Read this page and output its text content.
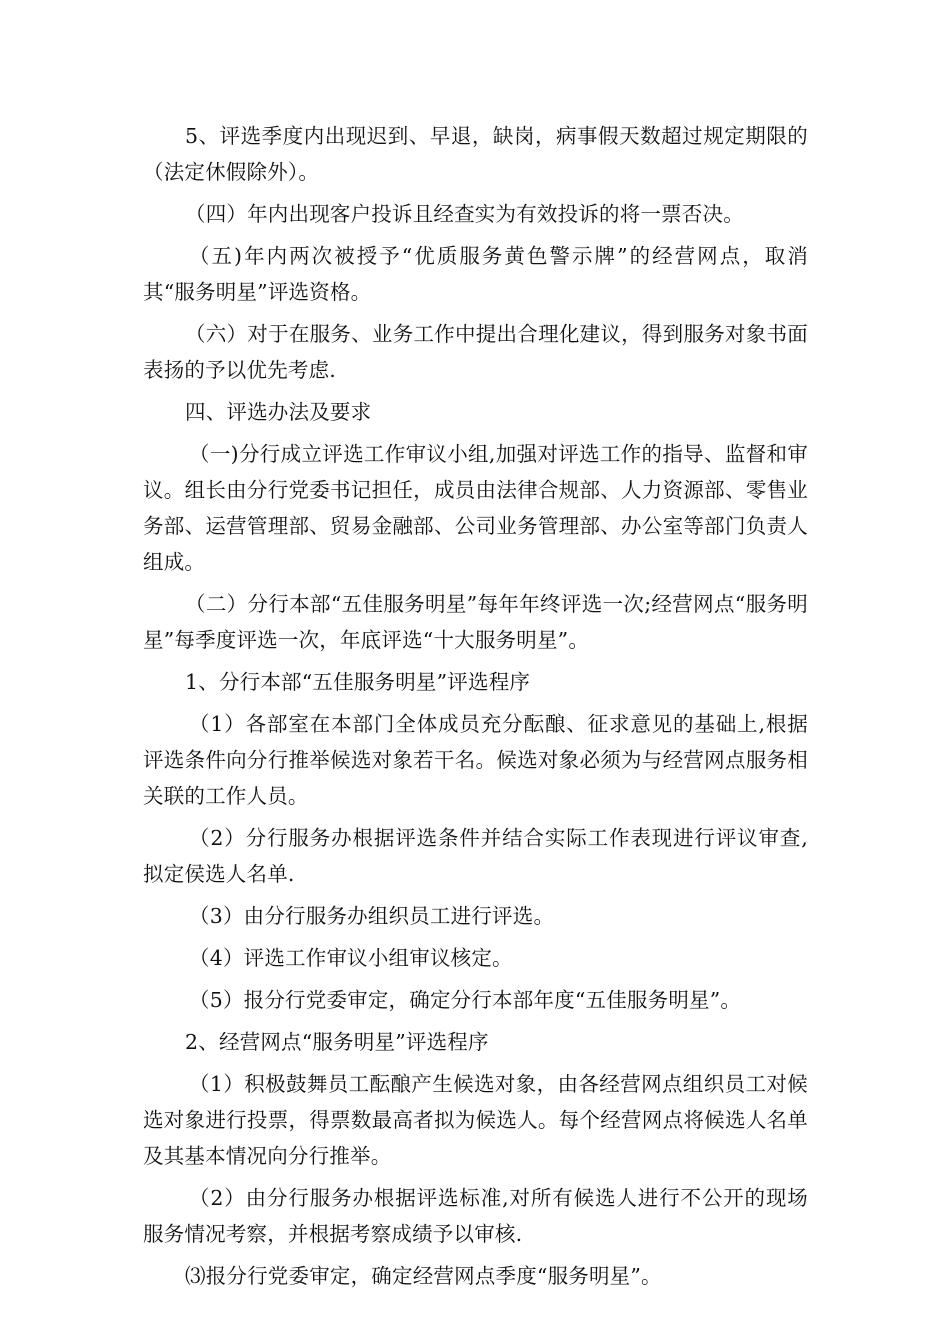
5、评选季度内出现迟到、早退，缺岗，病事假天数超过规定期限的（法定休假除外）。

（四）年内出现客户投诉且经查实为有效投诉的将一票否决。

（五)年内两次被授予“优质服务黄色警示牌”的经营网点，取消其“服务明星”评选资格。

（六）对于在服务、业务工作中提出合理化建议，得到服务对象书面表扬的予以优先考虑.

四、评选办法及要求

（一)分行成立评选工作审议小组,加强对评选工作的指导、监督和审议。组长由分行党委书记担任，成员由法律合规部、人力资源部、零售业务部、运营管理部、贸易金融部、公司业务管理部、办公室等部门负责人组成。

（二）分行本部“五佳服务明星”每年年终评选一次;经营网点“服务明星”每季度评选一次，年底评选“十大服务明星”。

1、分行本部“五佳服务明星”评选程序

（1）各部室在本部门全体成员充分酝酿、征求意见的基础上,根据评选条件向分行推举候选对象若干名。候选对象必须为与经营网点服务相关联的工作人员。

（2）分行服务办根据评选条件并结合实际工作表现进行评议审查,拟定侯选人名单.

（3）由分行服务办组织员工进行评选。

（4）评选工作审议小组审议核定。

（5）报分行党委审定，确定分行本部年度“五佳服务明星”。

2、经营网点“服务明星”评选程序

（1）积极鼓舞员工酝酿产生候选对象，由各经营网点组织员工对候选对象进行投票，得票数最高者拟为候选人。每个经营网点将候选人名单及其基本情况向分行推举。

（2）由分行服务办根据评选标准,对所有候选人进行不公开的现场服务情况考察，并根据考察成绩予以审核.

⑶报分行党委审定，确定经营网点季度“服务明星”。
